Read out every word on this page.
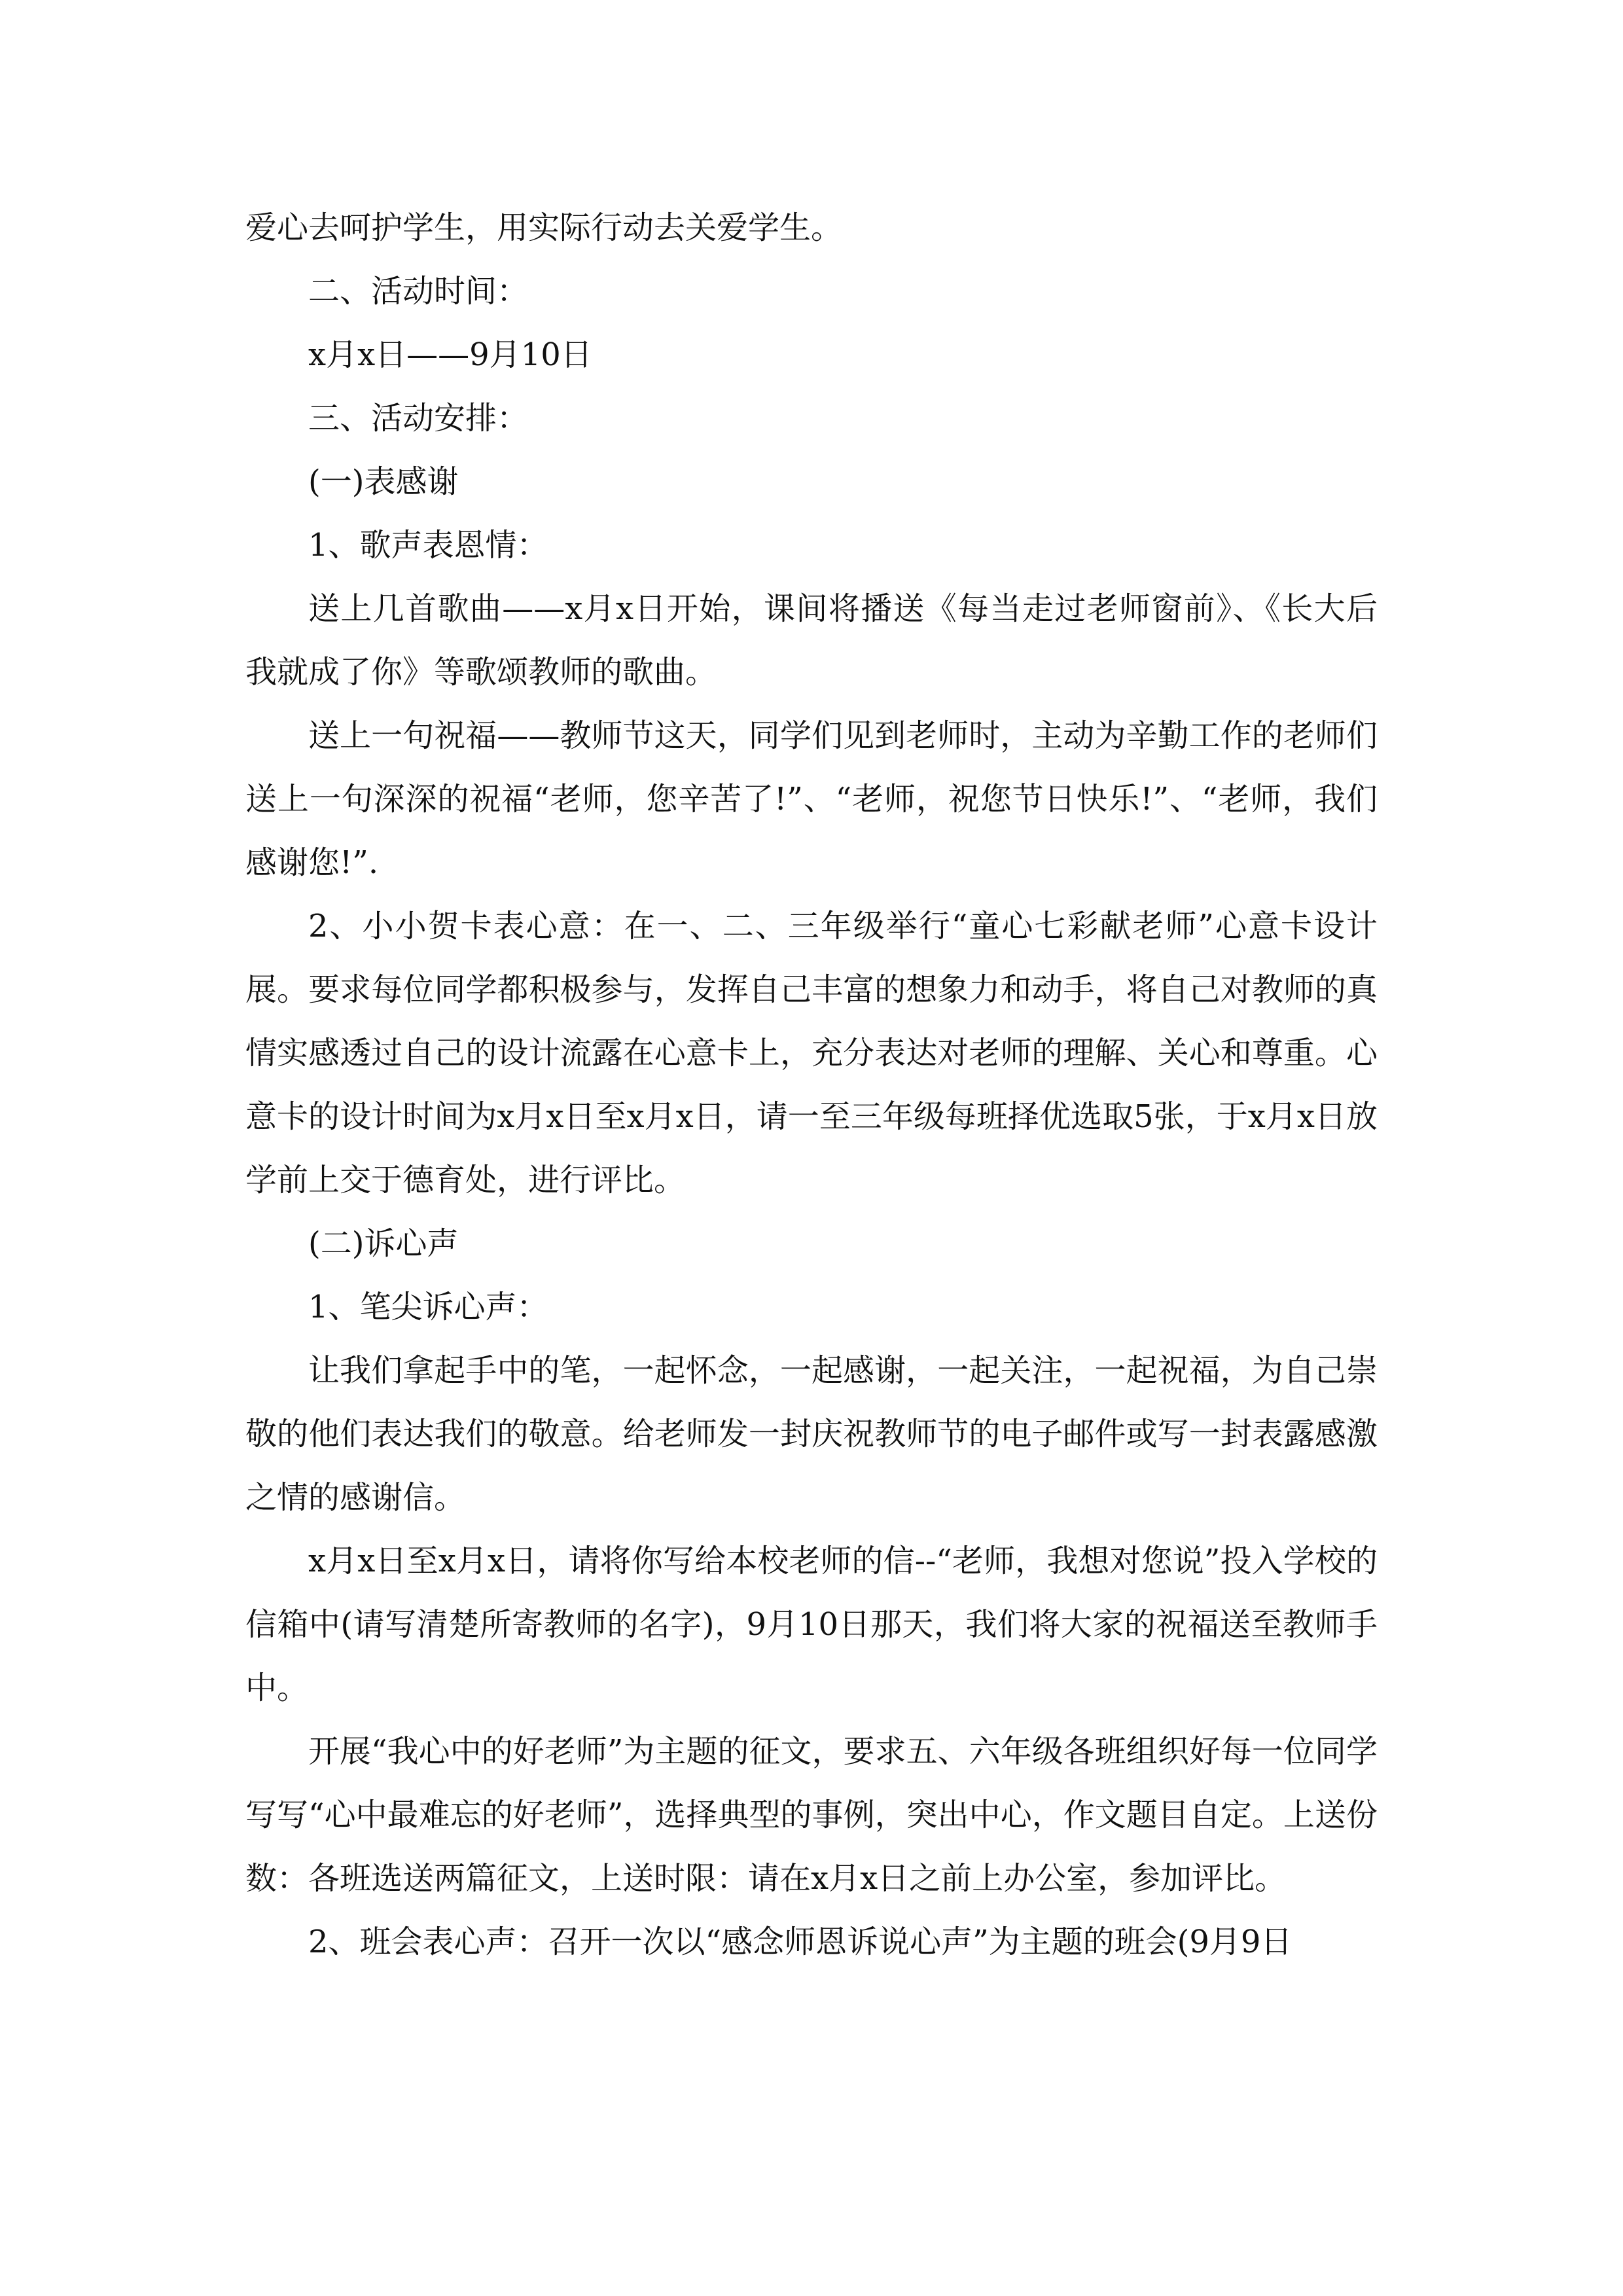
爱心去呵护学生，用实际行动去关爱学生。

二、活动时间：

x月x日——9月10日

三、活动安排：

(一)表感谢

1、歌声表恩情：

送上几首歌曲——x月x日开始，课间将播送《每当走过老师窗前》、《长大后我就成了你》等歌颂教师的歌曲。

送上一句祝福——教师节这天，同学们见到老师时，主动为辛勤工作的老师们送上一句深深的祝福“老师，您辛苦了!”、“老师，祝您节日快乐!”、“老师，我们感谢您!”.

2、小小贺卡表心意：在一、二、三年级举行“童心七彩献老师”心意卡设计展。要求每位同学都积极参与，发挥自己丰富的想象力和动手，将自己对教师的真情实感透过自己的设计流露在心意卡上，充分表达对老师的理解、关心和尊重。心意卡的设计时间为x月x日至x月x日，请一至三年级每班择优选取5张，于x月x日放学前上交于德育处，进行评比。

(二)诉心声

1、笔尖诉心声：

让我们拿起手中的笔，一起怀念，一起感谢，一起关注，一起祝福，为自己崇敬的他们表达我们的敬意。给老师发一封庆祝教师节的电子邮件或写一封表露感激之情的感谢信。

x月x日至x月x日，请将你写给本校老师的信--“老师，我想对您说”投入学校的信箱中(请写清楚所寄教师的名字)，9月10日那天，我们将大家的祝福送至教师手中。

开展“我心中的好老师”为主题的征文，要求五、六年级各班组织好每一位同学写写“心中最难忘的好老师”，选择典型的事例，突出中心，作文题目自定。上送份数：各班选送两篇征文，上送时限：请在x月x日之前上办公室，参加评比。

2、班会表心声：召开一次以“感念师恩诉说心声”为主题的班会(9月9日
